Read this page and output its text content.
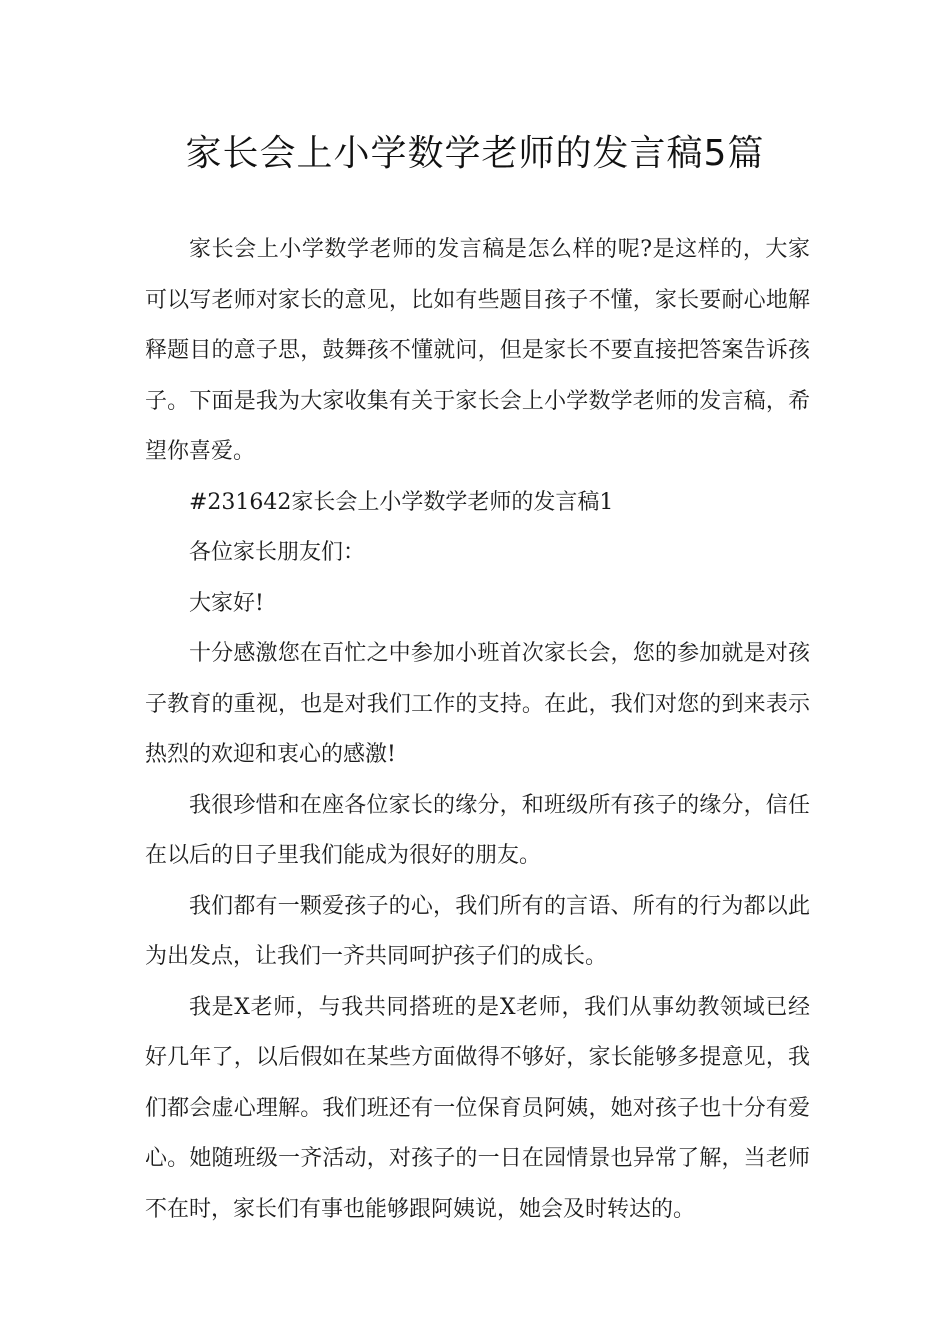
家长会上小学数学老师的发言稿5篇

家长会上小学数学老师的发言稿是怎么样的呢?是这样的，大家可以写老师对家长的意见，比如有些题目孩子不懂，家长要耐心地解释题目的意子思，鼓舞孩不懂就问，但是家长不要直接把答案告诉孩子。下面是我为大家收集有关于家长会上小学数学老师的发言稿，希望你喜爱。

#231642家长会上小学数学老师的发言稿1

各位家长朋友们：

大家好!

十分感激您在百忙之中参加小班首次家长会，您的参加就是对孩子教育的重视，也是对我们工作的支持。在此，我们对您的到来表示热烈的欢迎和衷心的感激!

我很珍惜和在座各位家长的缘分，和班级所有孩子的缘分，信任在以后的日子里我们能成为很好的朋友。

我们都有一颗爱孩子的心，我们所有的言语、所有的行为都以此为出发点，让我们一齐共同呵护孩子们的成长。

我是X老师，与我共同搭班的是X老师，我们从事幼教领域已经好几年了，以后假如在某些方面做得不够好，家长能够多提意见，我们都会虚心理解。我们班还有一位保育员阿姨，她对孩子也十分有爱心。她随班级一齐活动，对孩子的一日在园情景也异常了解，当老师不在时，家长们有事也能够跟阿姨说，她会及时转达的。
